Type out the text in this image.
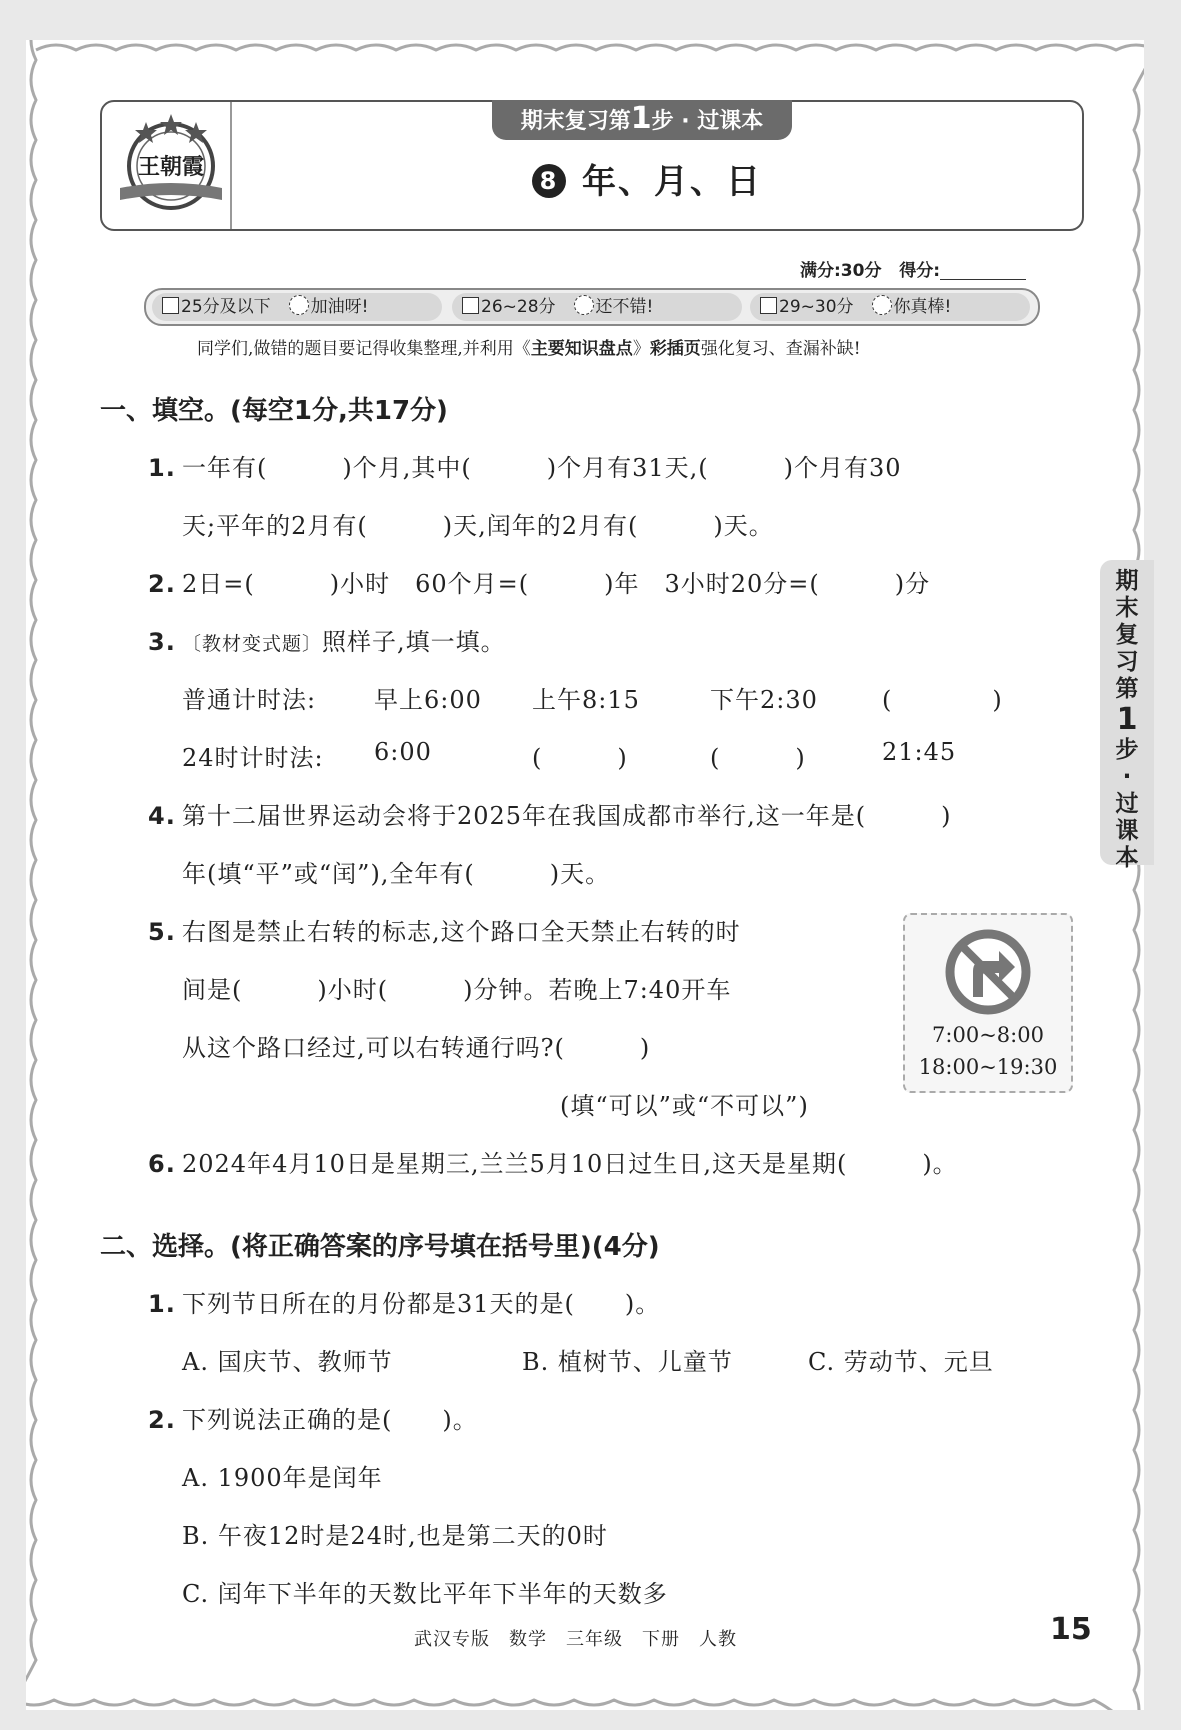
王朝霞
期末复习第1步 · 过课本
8 年、月、日
满分:30分 得分:
25分及以下 加油呀!	26~28分 还不错!	29~30分 你真棒!
同学们,做错的题目要记得收集整理,并利用《主要知识盘点》彩插页强化复习、查漏补缺!
一、填空。(每空1分,共17分)
1. 一年有(　　　)个月,其中(　　　)个月有31天,(　　　)个月有30
天;平年的2月有(　　　)天,闰年的2月有(　　　)天。
2. 2日=(　　　)小时　60个月=(　　　)年　3小时20分=(　　　)分
3. 〔教材变式题〕照样子,填一填。
普通计时法: 早上6:00 上午8:15	下午2:30	(　　　　)
24时计时法: 6:00	(　　　)	(　　　)	21:45
4. 第十二届世界运动会将于2025年在我国成都市举行,这一年是(　　　)
年(填“平”或“闰”),全年有(　　　)天。
5. 右图是禁止右转的标志,这个路口全天禁止右转的时
间是(　　　)小时(　　　)分钟。若晚上7:40开车
从这个路口经过,可以右转通行吗?(　　　)
(填“可以”或“不可以”)
7:00~8:00
18:00~19:30
6. 2024年4月10日是星期三,兰兰5月10日过生日,这天是星期(　　　)。
二、选择。(将正确答案的序号填在括号里)(4分)
1. 下列节日所在的月份都是31天的是(　　)。
A. 国庆节、教师节	B. 植树节、儿童节	C. 劳动节、元旦
2. 下列说法正确的是(　　)。
A. 1900年是闰年
B. 午夜12时是24时,也是第二天的0时
C. 闰年下半年的天数比平年下半年的天数多
期
末
复
习
第
1
步
·
过
课
本
武汉专版　数学　三年级　下册　人教	15
